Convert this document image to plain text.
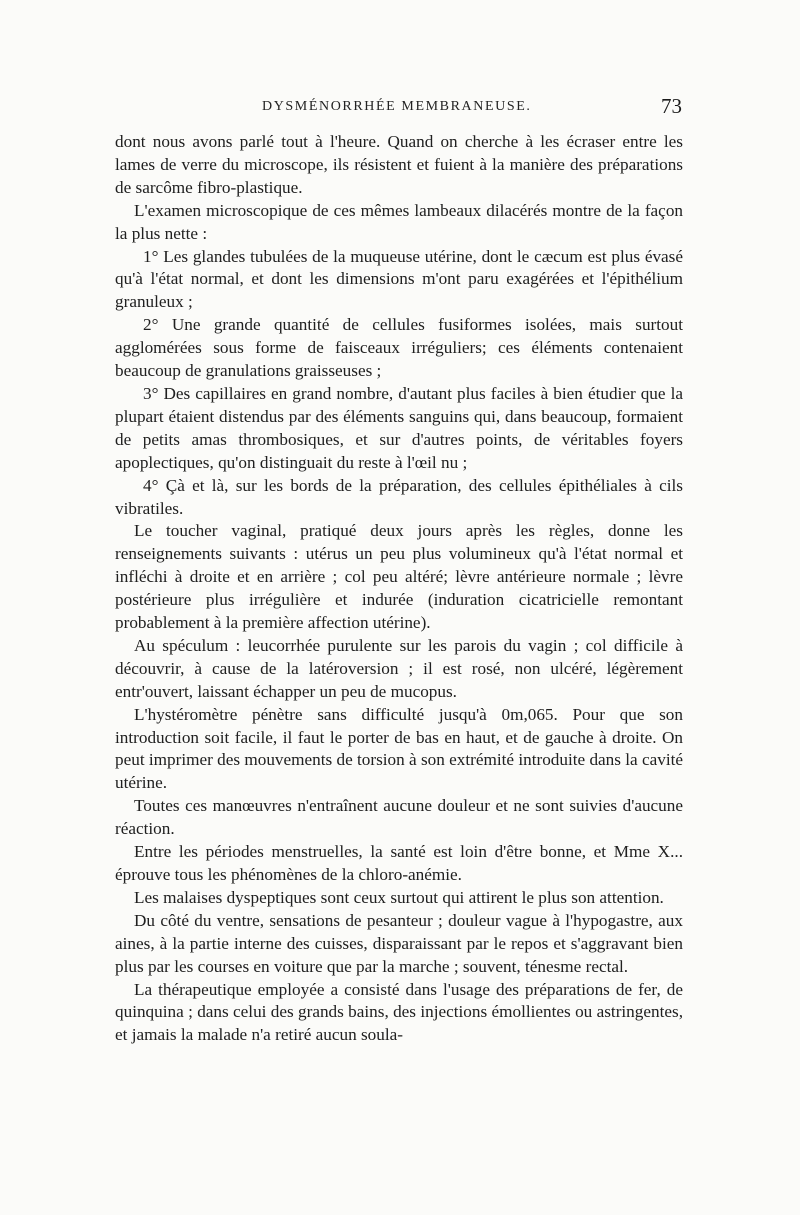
DYSMÉNORRHÉE MEMBRANEUSE.	73

dont nous avons parlé tout à l'heure. Quand on cherche à les écraser entre les lames de verre du microscope, ils résistent et fuient à la manière des préparations de sarcôme fibro-plastique.

L'examen microscopique de ces mêmes lambeaux dilacérés montre de la façon la plus nette :

1° Les glandes tubulées de la muqueuse utérine, dont le cæcum est plus évasé qu'à l'état normal, et dont les dimensions m'ont paru exagérées et l'épithélium granuleux ;

2° Une grande quantité de cellules fusiformes isolées, mais surtout agglomérées sous forme de faisceaux irréguliers; ces éléments contenaient beaucoup de granulations graisseuses ;

3° Des capillaires en grand nombre, d'autant plus faciles à bien étudier que la plupart étaient distendus par des éléments sanguins qui, dans beaucoup, formaient de petits amas thrombosiques, et sur d'autres points, de véritables foyers apoplectiques, qu'on distinguait du reste à l'œil nu ;

4° Çà et là, sur les bords de la préparation, des cellules épithéliales à cils vibratiles.

Le toucher vaginal, pratiqué deux jours après les règles, donne les renseignements suivants : utérus un peu plus volumineux qu'à l'état normal et infléchi à droite et en arrière ; col peu altéré; lèvre antérieure normale ; lèvre postérieure plus irrégulière et indurée (induration cicatricielle remontant probablement à la première affection utérine).

Au spéculum : leucorrhée purulente sur les parois du vagin ; col difficile à découvrir, à cause de la latéroversion ; il est rosé, non ulcéré, légèrement entr'ouvert, laissant échapper un peu de mucopus.

L'hystéromètre pénètre sans difficulté jusqu'à 0m,065. Pour que son introduction soit facile, il faut le porter de bas en haut, et de gauche à droite. On peut imprimer des mouvements de torsion à son extrémité introduite dans la cavité utérine.

Toutes ces manœuvres n'entraînent aucune douleur et ne sont suivies d'aucune réaction.

Entre les périodes menstruelles, la santé est loin d'être bonne, et Mme X... éprouve tous les phénomènes de la chloro-anémie.

Les malaises dyspeptiques sont ceux surtout qui attirent le plus son attention.

Du côté du ventre, sensations de pesanteur ; douleur vague à l'hypogastre, aux aines, à la partie interne des cuisses, disparaissant par le repos et s'aggravant bien plus par les courses en voiture que par la marche ; souvent, ténesme rectal.

La thérapeutique employée a consisté dans l'usage des préparations de fer, de quinquina ; dans celui des grands bains, des injections émollientes ou astringentes, et jamais la malade n'a retiré aucun soula-
